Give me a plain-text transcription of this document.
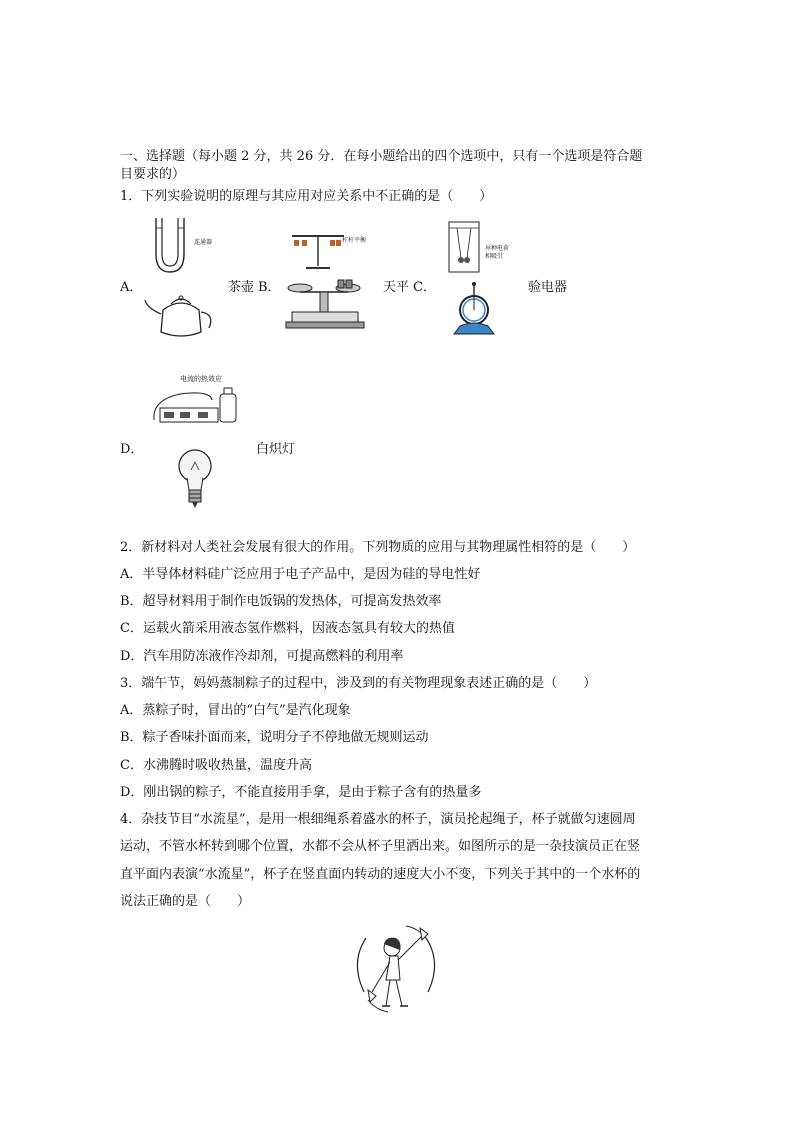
一、选择题（每小题 2 分，共 26 分．在每小题给出的四个选项中，只有一个选项是符合题
目要求的）
1．下列实验说明的原理与其应用对应关系中不正确的是（　　）
连通器	杠杆平衡
异种电荷
相吸引
A．	茶壶 B．	天平 C．	验电器
电流的热效应
D．	白炽灯
2．新材料对人类社会发展有很大的作用。下列物质的应用与其物理属性相符的是（　　）
A．半导体材料硅广泛应用于电子产品中，是因为硅的导电性好
B．超导材料用于制作电饭锅的发热体，可提高发热效率
C．运载火箭采用液态氢作燃料，因液态氢具有较大的热值
D．汽车用防冻液作冷却剂，可提高燃料的利用率
3．端午节，妈妈蒸制粽子的过程中，涉及到的有关物理现象表述正确的是（　　）
A．蒸粽子时，冒出的“白气”是汽化现象
B．粽子香味扑面而来，说明分子不停地做无规则运动
C．水沸腾时吸收热量，温度升高
D．刚出锅的粽子，不能直接用手拿，是由于粽子含有的热量多
4．杂技节目“水流星”，是用一根细绳系着盛水的杯子，演员抡起绳子，杯子就做匀速圆周
运动，不管水杯转到哪个位置，水都不会从杯子里洒出来。如图所示的是一杂技演员正在竖
直平面内表演“水流星”，杯子在竖直面内转动的速度大小不变，下列关于其中的一个水杯的
说法正确的是（　　）
